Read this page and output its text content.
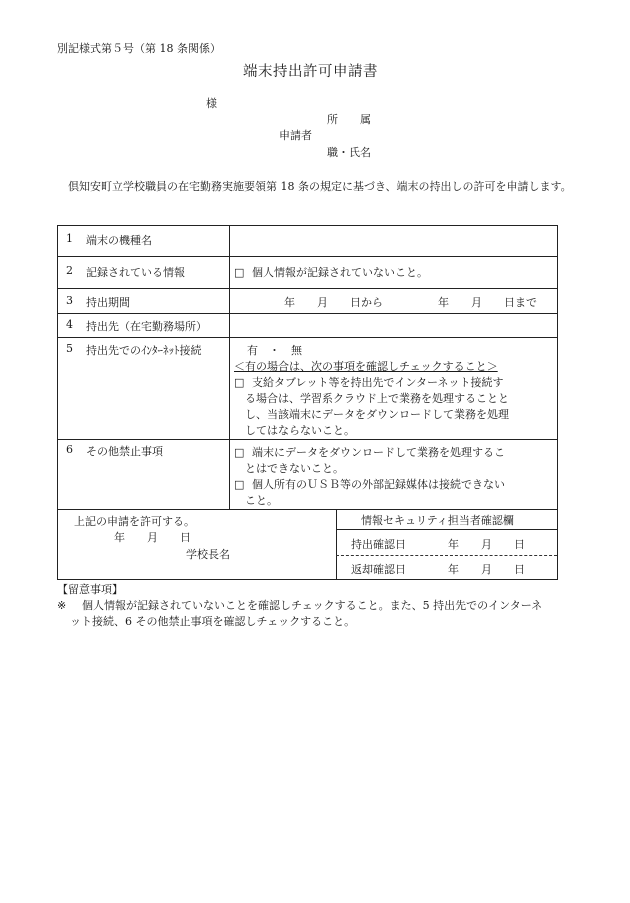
別記様式第５号（第 18 条関係）
端末持出許可申請書
様
所　　属
申請者
職・氏名
倶知安町立学校職員の在宅勤務実施要領第 18 条の規定に基づき、端末の持出しの許可を申請します。
1 端末の機種名
2 記録されている情報	□ 個人情報が記録されていないこと。
3 持出期間	年　　月　　日から　　　　　年　　月　　日まで
4 持出先（在宅勤務場所）
5 持出先でのｲﾝﾀｰﾈｯﾄ接続	有　・　無
＜有の場合は、次の事項を確認しチェックすること＞
□ 支給タブレット等を持出先でインターネット接続す
る場合は、学習系クラウド上で業務を処理することと
し、当該端末にデータをダウンロードして業務を処理
してはならないこと。
6 その他禁止事項	□ 端末にデータをダウンロードして業務を処理するこ
とはできないこと。
□ 個人所有のＵＳＢ等の外部記録媒体は接続できない
こと。
上記の申請を許可する。
年　　月　　日
学校長名
情報セキュリティ担当者確認欄
持出確認日	年　　月　　日
返却確認日	年　　月　　日
【留意事項】
※ 個人情報が記録されていないことを確認しチェックすること。また、5 持出先でのインターネ
ット接続、6 その他禁止事項を確認しチェックすること。
